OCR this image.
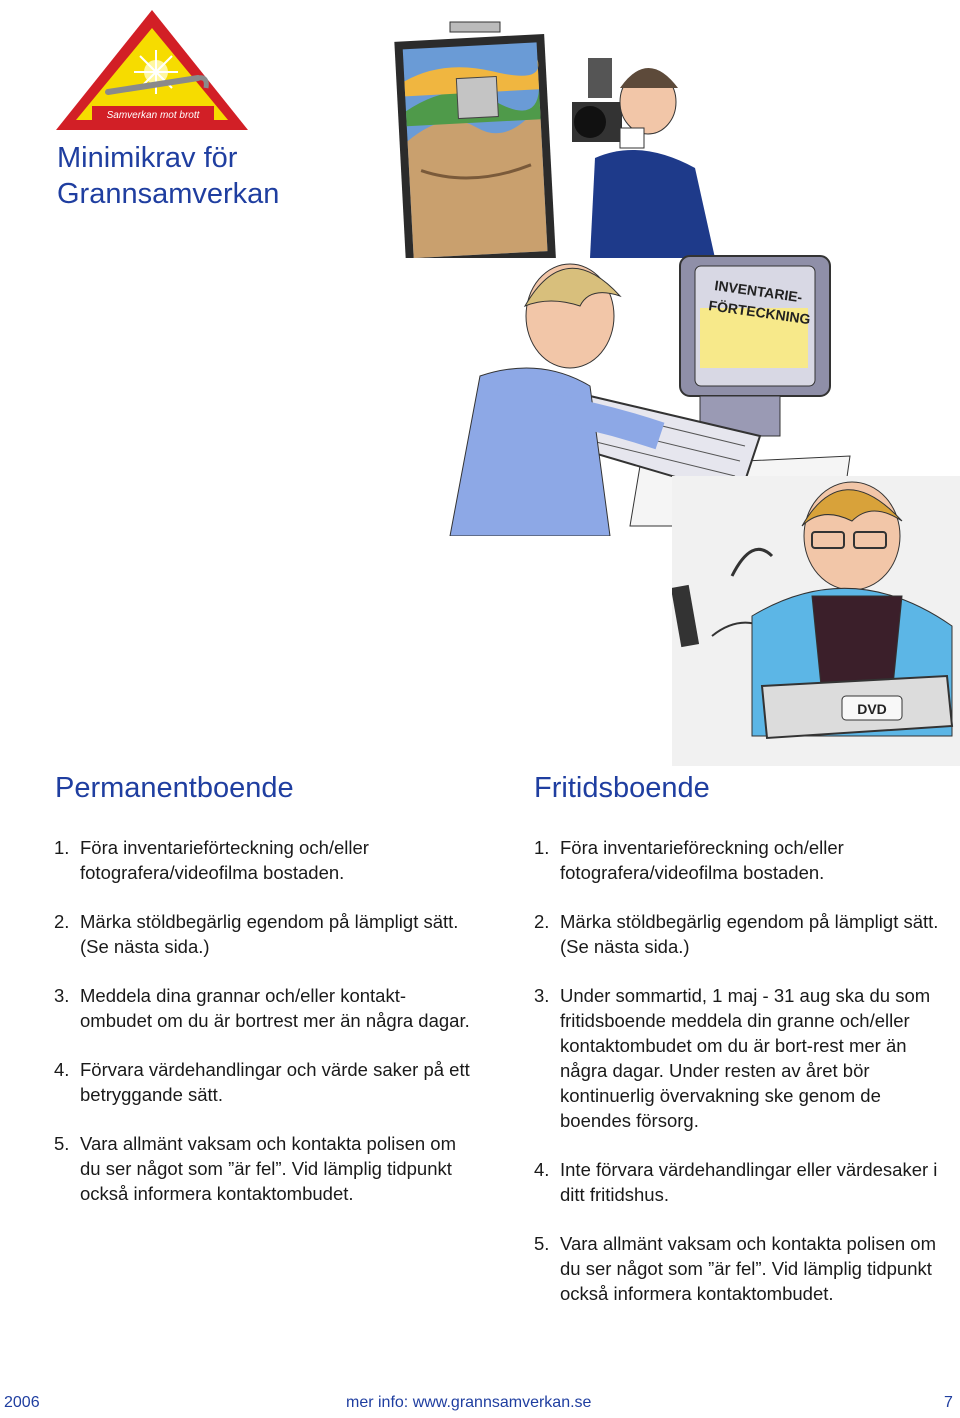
Samverkan mot brott
Minimikrav för Grannsamverkan
INVENTARIE-
FÖRTECKNING
DVD
Permanentboende	Fritidsboende
1. Föra inventarieförteckning och/eller fotografera/videofilma bostaden.
2. Märka stöldbegärlig egendom på lämpligt sätt. (Se nästa sida.)
3. Meddela dina grannar och/eller kontakt-ombudet om du är bortrest mer än några dagar.
4. Förvara värdehandlingar och värde saker på ett betryggande sätt.
5. Vara allmänt vaksam och kontakta polisen om du ser något som ”är fel”. Vid lämplig tidpunkt också informera kontaktombudet.
1. Föra inventarieföreckning och/eller fotografera/videofilma bostaden.
2. Märka stöldbegärlig egendom på lämpligt sätt. (Se nästa sida.)
3. Under sommartid, 1 maj - 31 aug ska du som fritidsboende meddela din granne och/eller kontaktombudet om du är bort-rest mer än några dagar. Under resten av året bör kontinuerlig övervakning ske genom de boendes försorg.
4. Inte förvara värdehandlingar eller värdesaker i ditt fritidshus.
5. Vara allmänt vaksam och kontakta polisen om du ser något som ”är fel”. Vid lämplig tidpunkt också informera kontaktombudet.
2006	mer info: www.grannsamverkan.se	7
